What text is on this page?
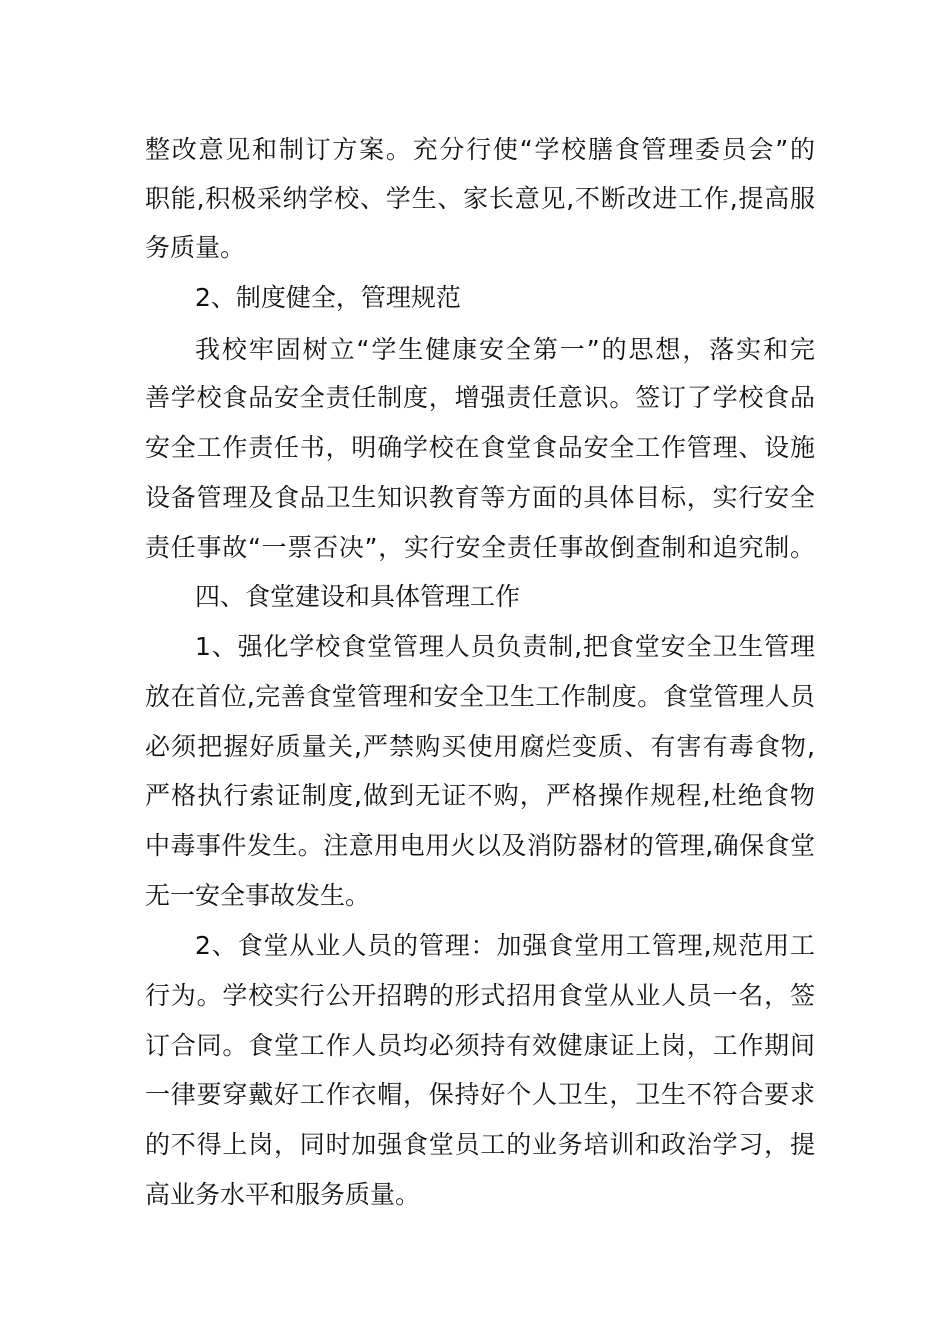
整改意见和制订方案。充分行使“学校膳食管理委员会”的
职能,积极采纳学校、学生、家长意见,不断改进工作,提高服
务质量。
2、制度健全，管理规范
我校牢固树立“学生健康安全第一”的思想，落实和完
善学校食品安全责任制度，增强责任意识。签订了学校食品
安全工作责任书，明确学校在食堂食品安全工作管理、设施
设备管理及食品卫生知识教育等方面的具体目标，实行安全
责任事故“一票否决”，实行安全责任事故倒查制和追究制。
四、食堂建设和具体管理工作
1、强化学校食堂管理人员负责制,把食堂安全卫生管理
放在首位,完善食堂管理和安全卫生工作制度。食堂管理人员
必须把握好质量关,严禁购买使用腐烂变质、有害有毒食物,
严格执行索证制度,做到无证不购，严格操作规程,杜绝食物
中毒事件发生。注意用电用火以及消防器材的管理,确保食堂
无一安全事故发生。
2、食堂从业人员的管理：加强食堂用工管理,规范用工
行为。学校实行公开招聘的形式招用食堂从业人员一名，签
订合同。食堂工作人员均必须持有效健康证上岗，工作期间
一律要穿戴好工作衣帽，保持好个人卫生，卫生不符合要求
的不得上岗，同时加强食堂员工的业务培训和政治学习，提
高业务水平和服务质量。
